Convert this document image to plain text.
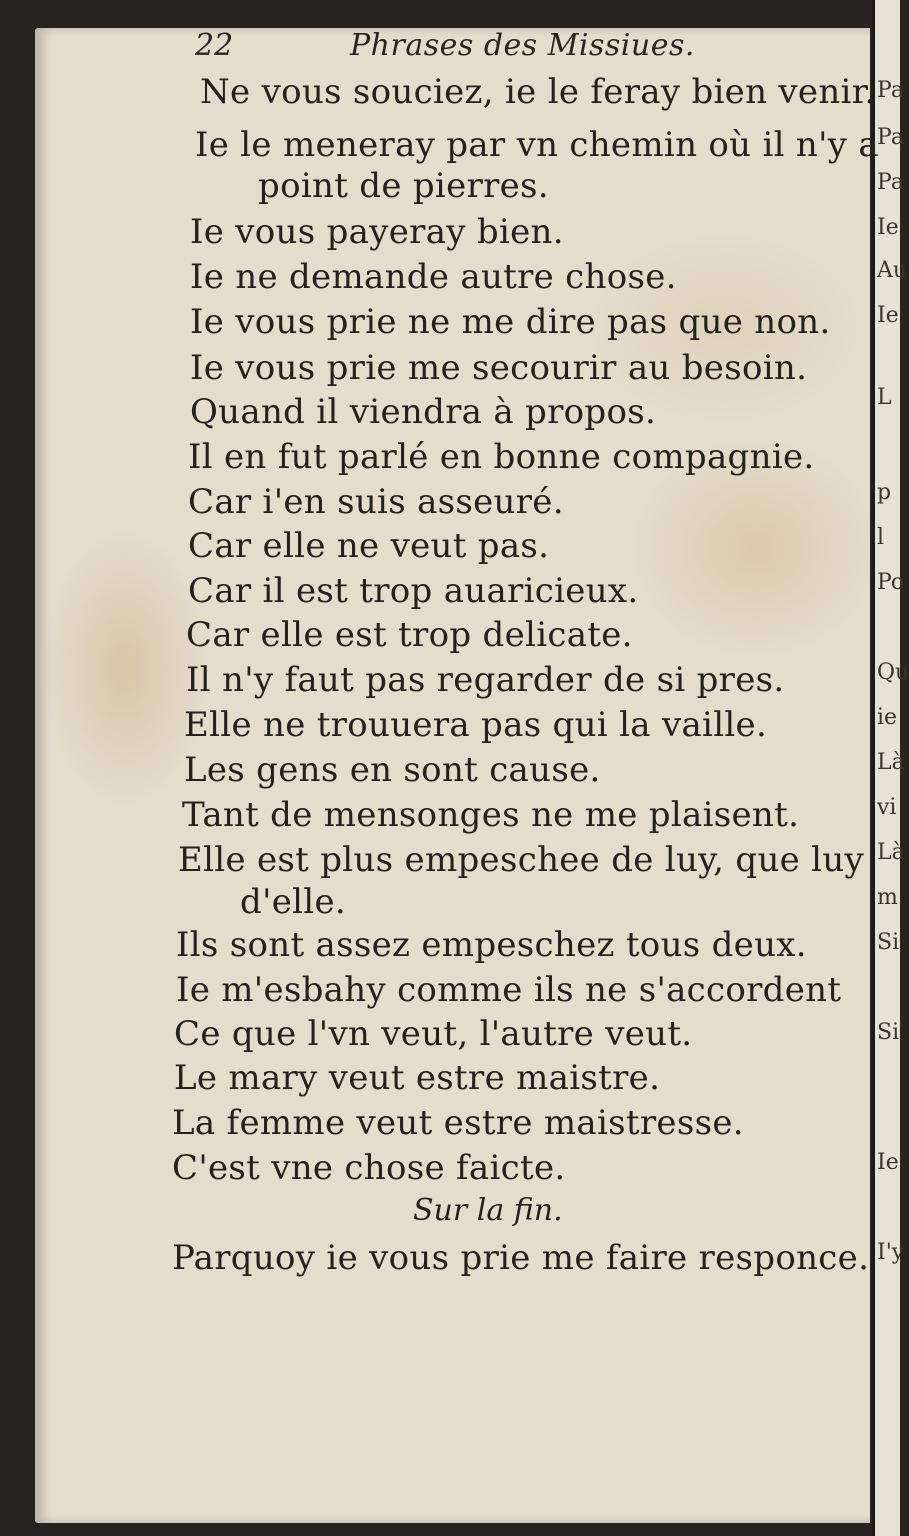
Pa
Pa
Pa
Ie
Au
Ie
L
p
l
Po
Qu
ie
Là
vi
Là
m
Si
Si
Ie
I'y
22	Phrases des Missiues.
Ne vous souciez, ie le feray bien venir.
Ie le meneray par vn chemin où il n'y a
point de pierres.
Ie vous payeray bien.
Ie ne demande autre chose.
Ie vous prie ne me dire pas que non.
Ie vous prie me secourir au besoin.
Quand il viendra à propos.
Il en fut parlé en bonne compagnie.
Car i'en suis asseuré.
Car elle ne veut pas.
Car il est trop auaricieux.
Car elle est trop delicate.
Il n'y faut pas regarder de si pres.
Elle ne trouuera pas qui la vaille.
Les gens en sont cause.
Tant de mensonges ne me plaisent.
Elle est plus empeschee de luy, que luy
d'elle.
Ils sont assez empeschez tous deux.
Ie m'esbahy comme ils ne s'accordent
Ce que l'vn veut, l'autre veut.
Le mary veut estre maistre.
La femme veut estre maistresse.
C'est vne chose faicte.
Sur la fin.
Parquoy ie vous prie me faire responce.
